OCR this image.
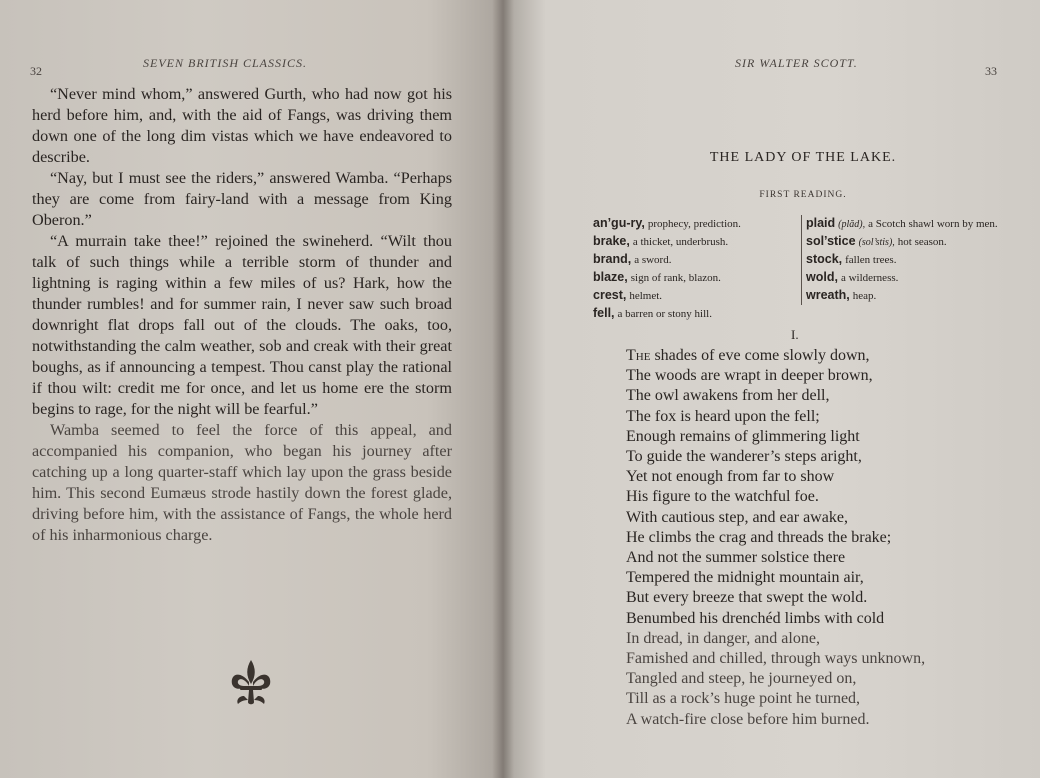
32
SEVEN BRITISH CLASSICS.

“Never mind whom,” answered Gurth, who had now got his herd before him, and, with the aid of Fangs, was driving them down one of the long dim vistas which we have endeavored to describe.

“Nay, but I must see the riders,” answered Wamba. “Perhaps they are come from fairy-land with a message from King Oberon.”

“A murrain take thee!” rejoined the swineherd. “Wilt thou talk of such things while a terrible storm of thunder and lightning is raging within a few miles of us? Hark, how the thunder rumbles! and for summer rain, I never saw such broad downright flat drops fall out of the clouds. The oaks, too, notwithstanding the calm weather, sob and creak with their great boughs, as if announcing a tempest. Thou canst play the rational if thou wilt: credit me for once, and let us home ere the storm begins to rage, for the night will be fearful.”

Wamba seemed to feel the force of this appeal, and accompanied his companion, who began his journey after catching up a long quarter-staff which lay upon the grass beside him. This second Eumæus strode hastily down the forest glade, driving before him, with the assistance of Fangs, the whole herd of his inharmonious charge.

SIR WALTER SCOTT.
33
THE LADY OF THE LAKE.
FIRST READING.
an’gu-ry, prophecy, prediction.
brake, a thicket, underbrush.
brand, a sword.
blaze, sign of rank, blazon.
crest, helmet.
fell, a barren or stony hill.
plaid (plăd), a Scotch shawl worn by men.
sol’stice (sol’stis), hot season.
stock, fallen trees.
wold, a wilderness.
wreath, heap.
I.
The shades of eve come slowly down,
The woods are wrapt in deeper brown,
The owl awakens from her dell,
The fox is heard upon the fell;
Enough remains of glimmering light
To guide the wanderer’s steps aright,
Yet not enough from far to show
His figure to the watchful foe.
With cautious step, and ear awake,
He climbs the crag and threads the brake;
And not the summer solstice there
Tempered the midnight mountain air,
But every breeze that swept the wold.
Benumbed his drenchéd limbs with cold
In dread, in danger, and alone,
Famished and chilled, through ways unknown,
Tangled and steep, he journeyed on,
Till as a rock’s huge point he turned,
A watch-fire close before him burned.
